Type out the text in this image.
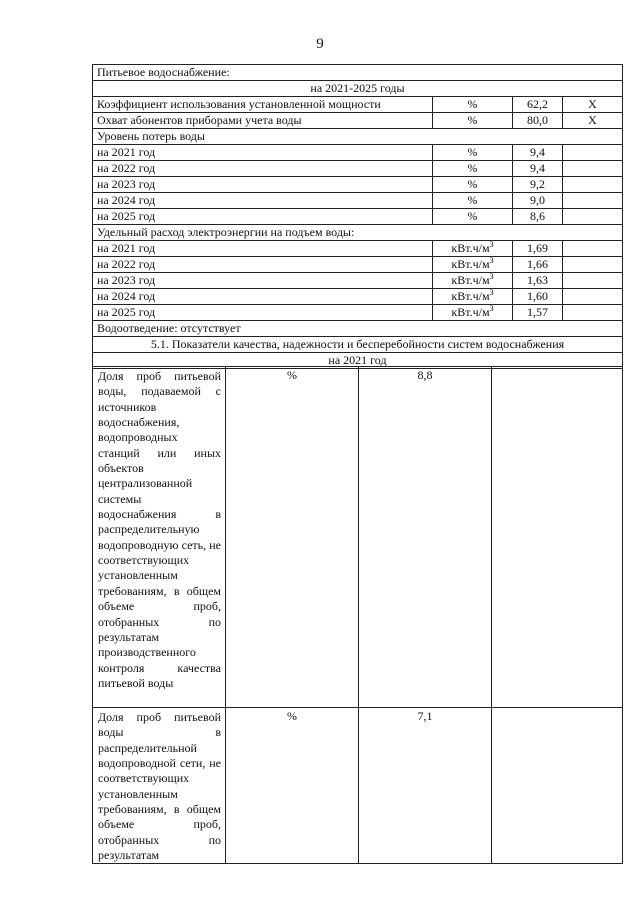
9
Питьевое водоснабжение:			
на 2021-2025 годы			
Коэффициент использования установленной мощности	%	62,2	Х
Охват абонентов приборами учета воды	%	80,0	Х
Уровень потерь воды			
на 2021 год	%	9,4	
на 2022 год	%	9,4	
на 2023 год	%	9,2	
на 2024 год	%	9,0	
на 2025 год	%	8,6	
Удельный расход электроэнергии на подъем воды:			
на 2021 год	$кВт.ч/м^3$	1,69	
на 2022 год	$кВт.ч/м^3$	1,66	
на 2023 год	$кВт.ч/м^3$	1,63	
на 2024 год	$кВт.ч/м^3$	1,60	
на 2025 год	$кВт.ч/м^3$	1,57	
Водоотведение: отсутствует			
5.1. Показатели качества, надежности и бесперебойности систем водоснабжения			
на 2021 год			
Доля проб питьевой воды, подаваемой с источников водоснабжения, водопроводных станций или иных объектов централизованной системы водоснабжения в распределительную водопроводную сеть, не соответствующих установленным требованиям, в общем объеме проб, отобранных по результатам производственного контроля качества питьевой воды	%	8,8	
Доля проб питьевой воды в распределительной водопроводной сети, не соответствующих установленным требованиям, в общем объеме проб, отобранных по результатам	%	7,1	
